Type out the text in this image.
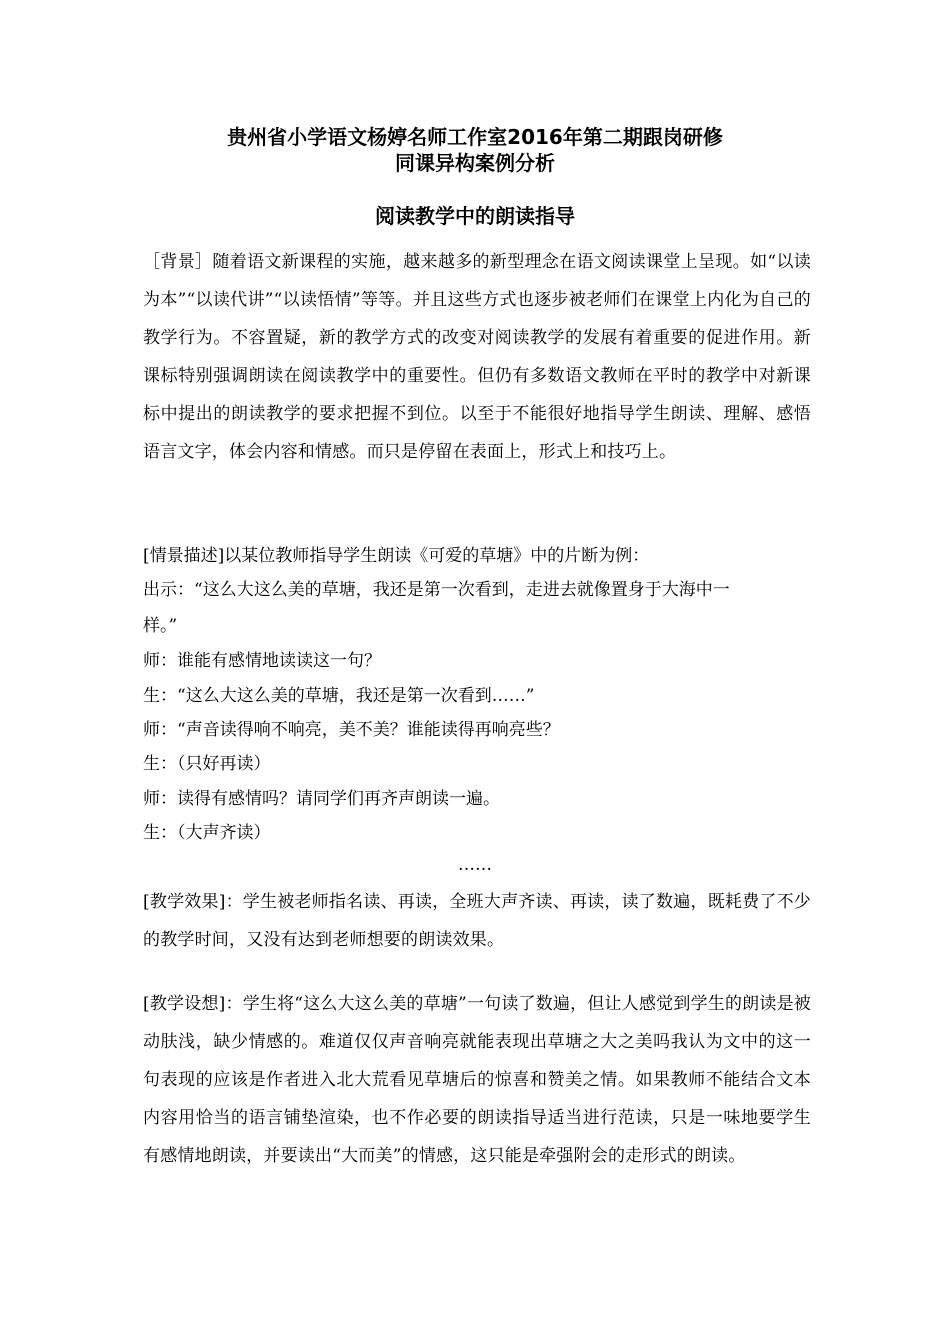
贵州省小学语文杨婷名师工作室2016年第二期跟岗研修
同课异构案例分析
阅读教学中的朗读指导

［背景］随着语文新课程的实施，越来越多的新型理念在语文阅读课堂上呈现。如“以读为本”“以读代讲”“以读悟情”等等。并且这些方式也逐步被老师们在课堂上内化为自己的教学行为。不容置疑，新的教学方式的改变对阅读教学的发展有着重要的促进作用。新课标特别强调朗读在阅读教学中的重要性。但仍有多数语文教师在平时的教学中对新课标中提出的朗读教学的要求把握不到位。以至于不能很好地指导学生朗读、理解、感悟语言文字，体会内容和情感。而只是停留在表面上，形式上和技巧上。

[情景描述]以某位教师指导学生朗读《可爱的草塘》中的片断为例：
出示：“这么大这么美的草塘，我还是第一次看到，走进去就像置身于大海中一
样。”
师：谁能有感情地读读这一句？
生：“这么大这么美的草塘，我还是第一次看到……”
师：“声音读得响不响亮，美不美？谁能读得再响亮些？
生：（只好再读）
师：读得有感情吗？请同学们再齐声朗读一遍。
生：（大声齐读）
……

[教学效果]：学生被老师指名读、再读，全班大声齐读、再读，读了数遍，既耗费了不少的教学时间，又没有达到老师想要的朗读效果。

[教学设想]：学生将“这么大这么美的草塘”一句读了数遍，但让人感觉到学生的朗读是被动肤浅，缺少情感的。难道仅仅声音响亮就能表现出草塘之大之美吗我认为文中的这一句表现的应该是作者进入北大荒看见草塘后的惊喜和赞美之情。如果教师不能结合文本内容用恰当的语言铺垫渲染，也不作必要的朗读指导适当进行范读，只是一味地要学生有感情地朗读，并要读出“大而美”的情感，这只能是牵强附会的走形式的朗读。
